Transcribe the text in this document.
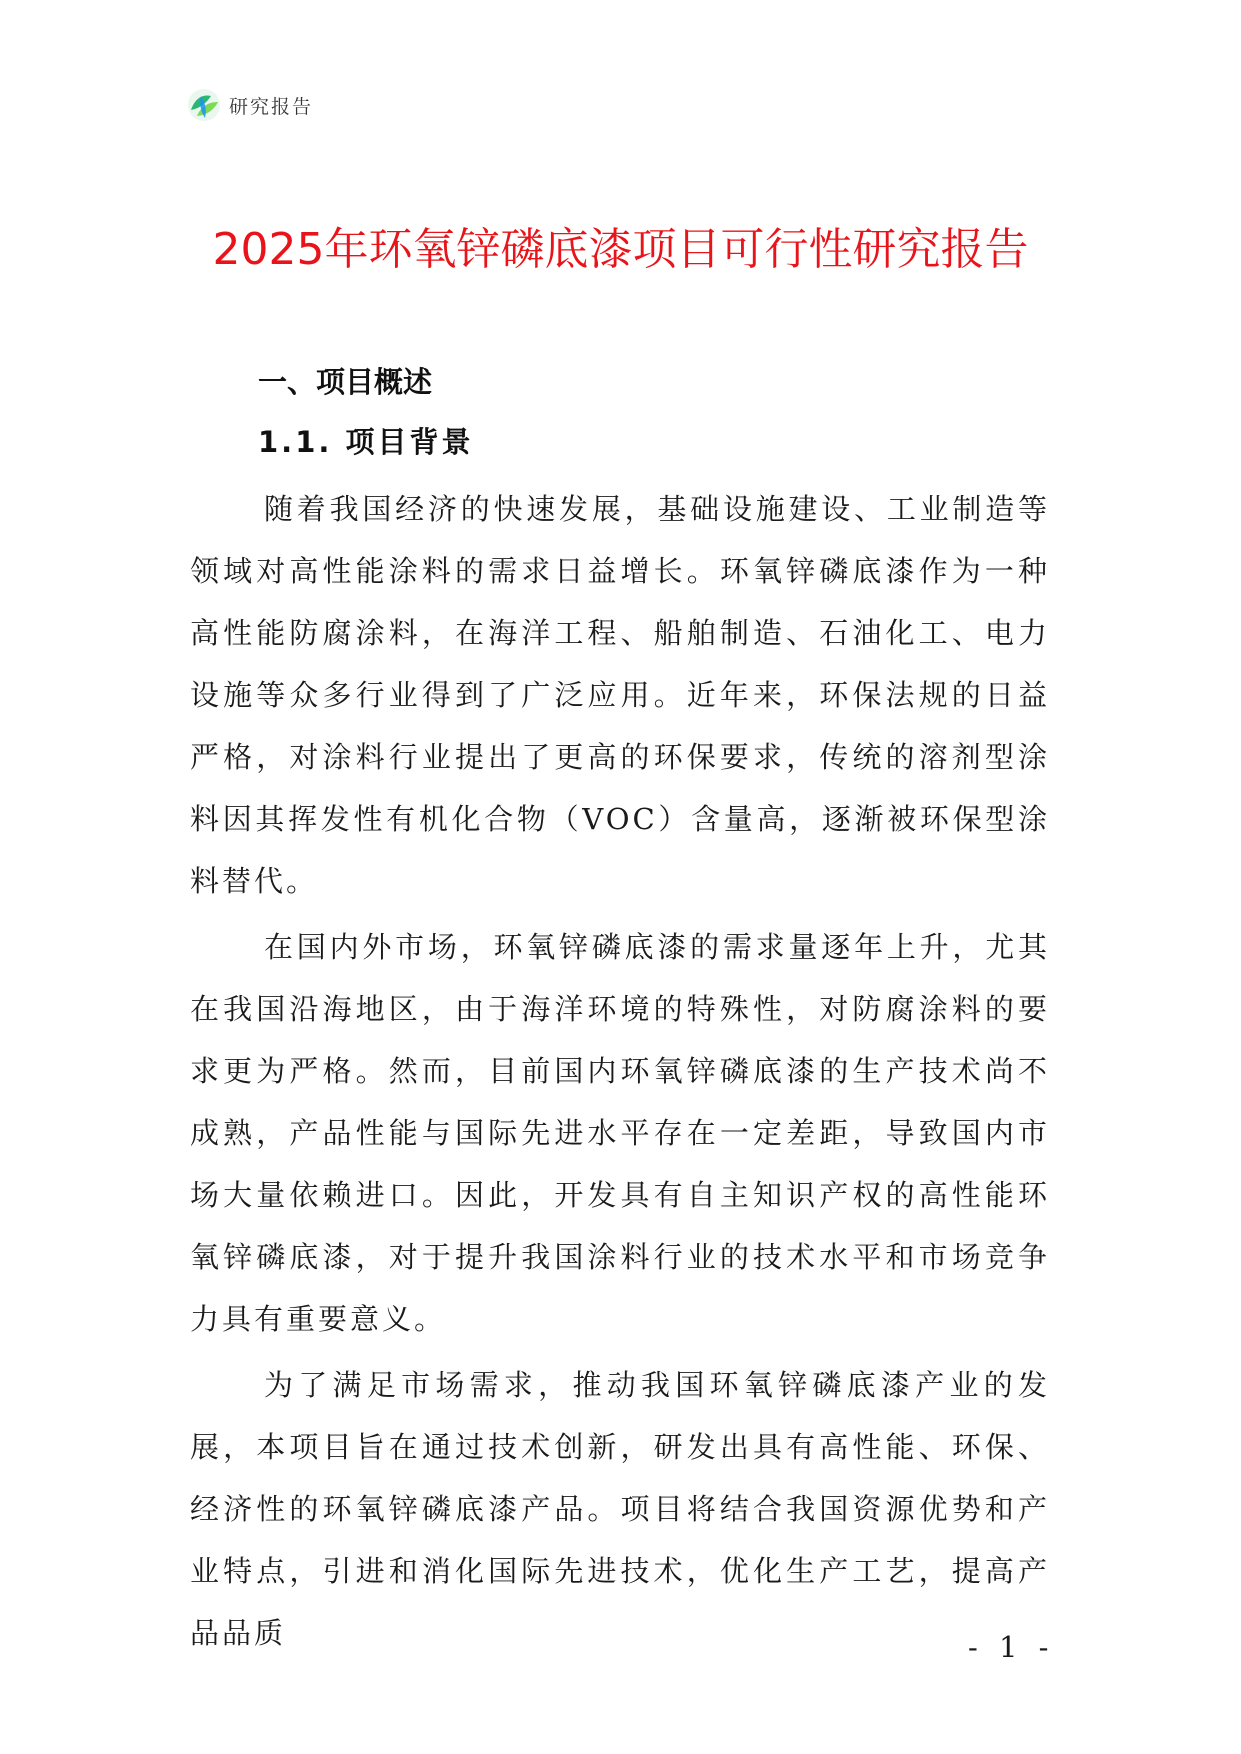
研究报告
2025年环氧锌磷底漆项目可行性研究报告
一、项目概述
1.1. 项目背景

随着我国经济的快速发展，基础设施建设、工业制造等领域对高性能涂料的需求日益增长。环氧锌磷底漆作为一种高性能防腐涂料，在海洋工程、船舶制造、石油化工、电力设施等众多行业得到了广泛应用。近年来，环保法规的日益严格，对涂料行业提出了更高的环保要求，传统的溶剂型涂料因其挥发性有机化合物（VOC）含量高，逐渐被环保型涂料替代。

在国内外市场，环氧锌磷底漆的需求量逐年上升，尤其在我国沿海地区，由于海洋环境的特殊性，对防腐涂料的要求更为严格。然而，目前国内环氧锌磷底漆的生产技术尚不成熟，产品性能与国际先进水平存在一定差距，导致国内市场大量依赖进口。因此，开发具有自主知识产权的高性能环氧锌磷底漆，对于提升我国涂料行业的技术水平和市场竞争力具有重要意义。

为了满足市场需求，推动我国环氧锌磷底漆产业的发展，本项目旨在通过技术创新，研发出具有高性能、环保、经济性的环氧锌磷底漆产品。项目将结合我国资源优势和产业特点，引进和消化国际先进技术，优化生产工艺，提高产品品质	- 1 -
